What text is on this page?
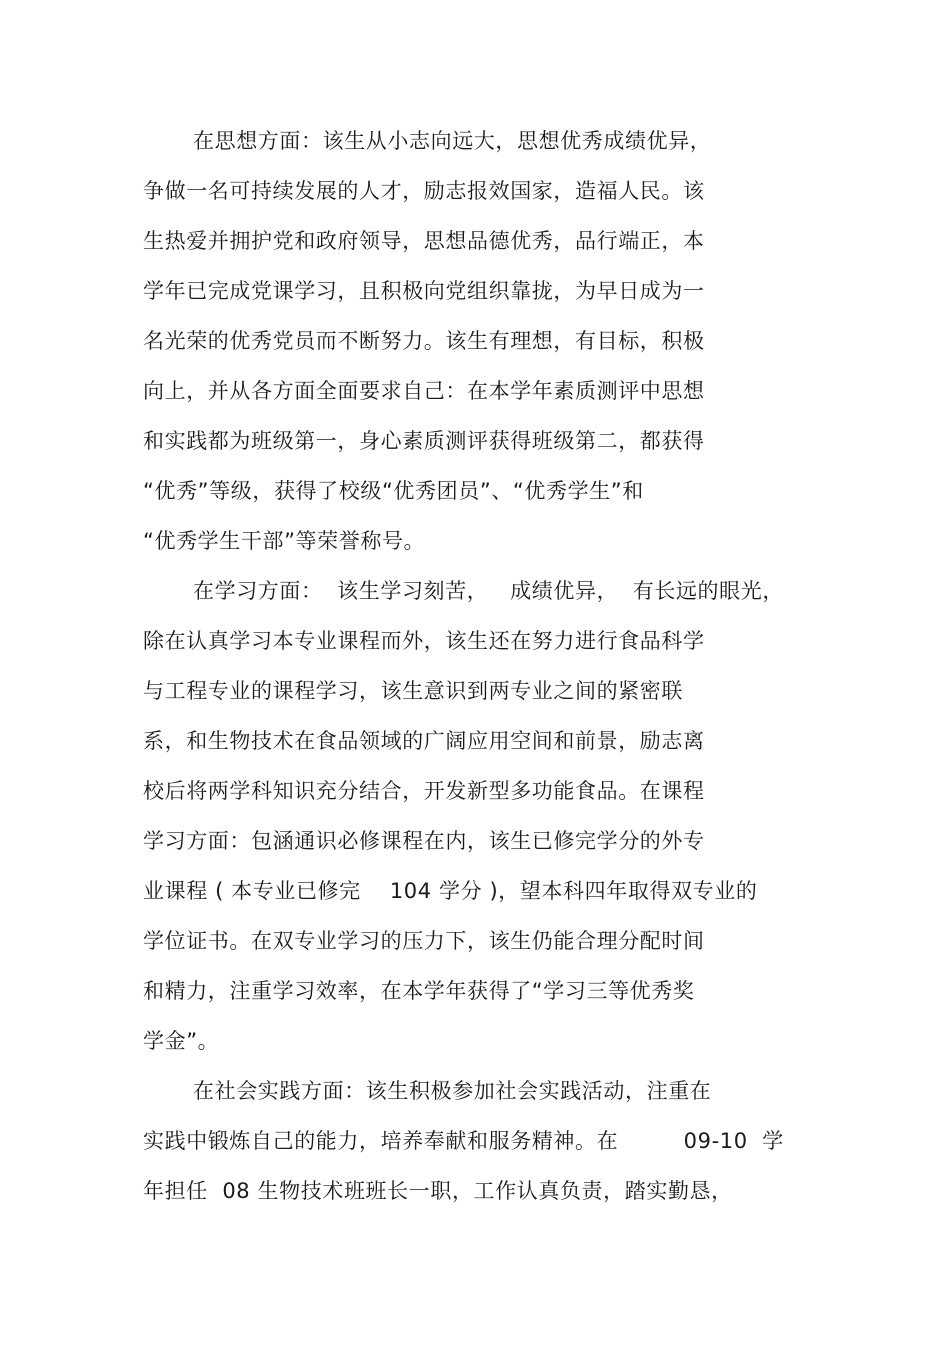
在思想方面：该生从小志向远大，思想优秀成绩优异，
争做一名可持续发展的人才，励志报效国家，造福人民。该
生热爱并拥护党和政府领导，思想品德优秀，品行端正，本
学年已完成党课学习，且积极向党组织靠拢，为早日成为一
名光荣的优秀党员而不断努力。该生有理想，有目标，积极
向上，并从各方面全面要求自己：在本学年素质测评中思想
和实践都为班级第一，身心素质测评获得班级第二，都获得
“优秀”等级，获得了校级“优秀团员”、“优秀学生”和
“优秀学生干部”等荣誉称号。
在学习方面：  该生学习刻苦，   成绩优异，  有长远的眼光，
除在认真学习本专业课程而外，该生还在努力进行食品科学
与工程专业的课程学习，该生意识到两专业之间的紧密联
系，和生物技术在食品领域的广阔应用空间和前景，励志离
校后将两学科知识充分结合，开发新型多功能食品。在课程
学习方面：包涵通识必修课程在内，该生已修完学分的外专
业课程 ( 本专业已修完    104 学分 )，望本科四年取得双专业的
学位证书。在双专业学习的压力下，该生仍能合理分配时间
和精力，注重学习效率，在本学年获得了“学习三等优秀奖
学金”。
在社会实践方面：该生积极参加社会实践活动，注重在
实践中锻炼自己的能力，培养奉献和服务精神。在         09-10  学
年担任  08 生物技术班班长一职，工作认真负责，踏实勤恳，
